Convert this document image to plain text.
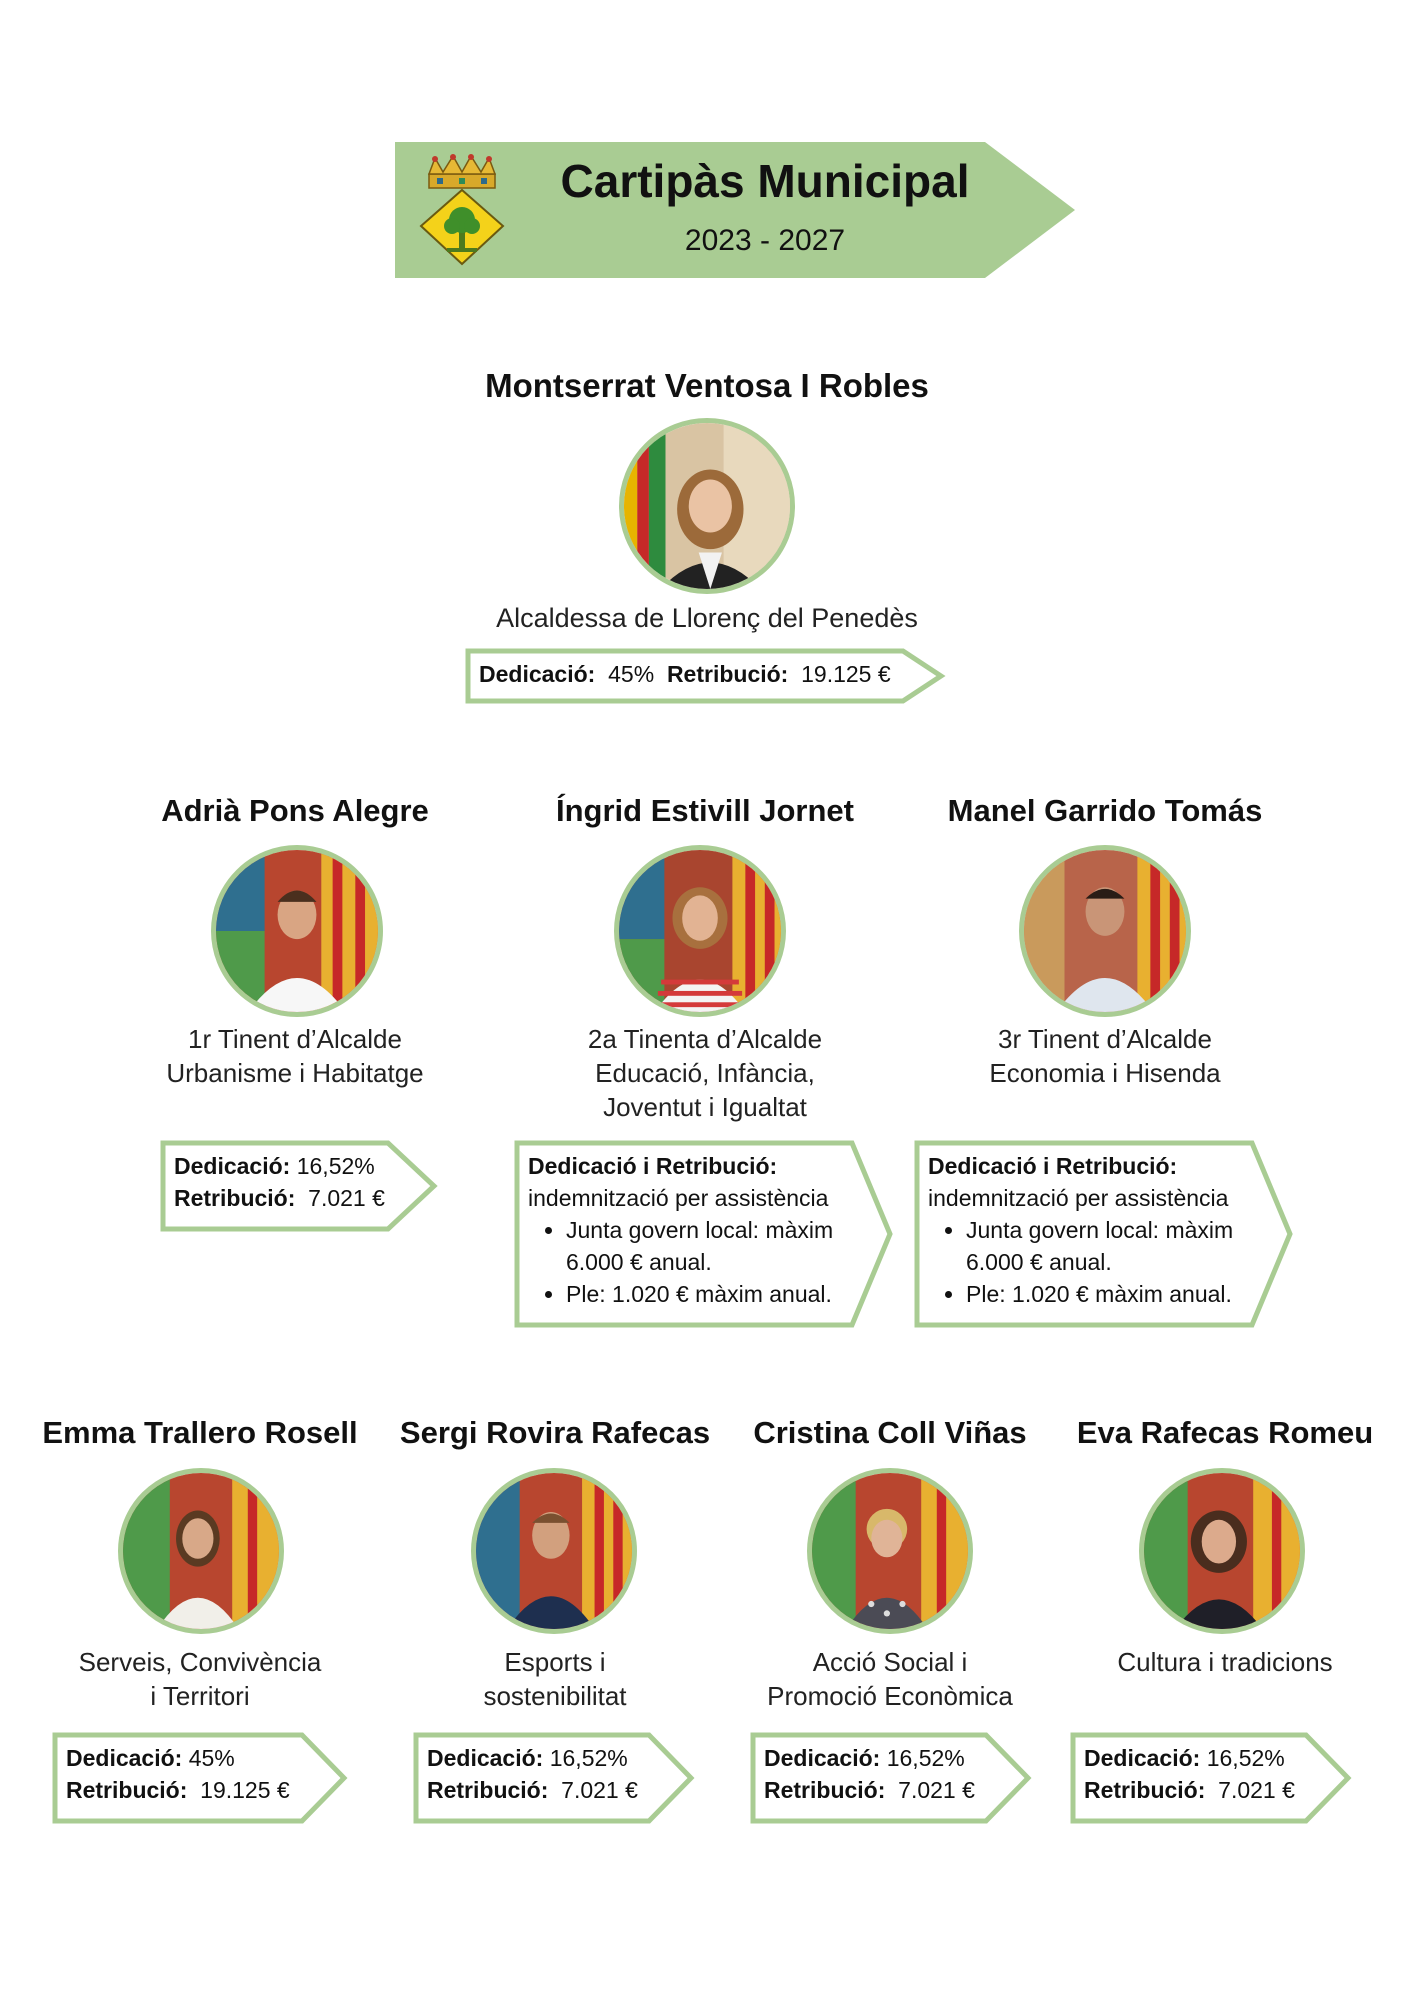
Cartipàs Municipal
2023 - 2027
Montserrat Ventosa I Robles
Alcaldessa de Llorenç del Penedès
Dedicació: 45% Retribució: 19.125 €
Adrià Pons Alegre
1r Tinent d’Alcalde
Urbanisme i Habitatge
Dedicació: 16,52%
Retribució: 7.021 €
Íngrid Estivill Jornet
2a Tinenta d’Alcalde
Educació, Infància,
Joventut i Igualtat
Dedicació i Retribució:
indemnització per assistència
• Junta govern local: màxim
6.000 € anual.
• Ple: 1.020 € màxim anual.
Manel Garrido Tomás
3r Tinent d’Alcalde
Economia i Hisenda
Dedicació i Retribució:
indemnització per assistència
• Junta govern local: màxim
6.000 € anual.
• Ple: 1.020 € màxim anual.
Emma Trallero Rosell
Serveis, Convivència
i Territori
Dedicació: 45%
Retribució: 19.125 €
Sergi Rovira Rafecas
Esports i
sostenibilitat
Dedicació: 16,52%
Retribució: 7.021 €
Cristina Coll Viñas
Acció Social i
Promoció Econòmica
Dedicació: 16,52%
Retribució: 7.021 €
Eva Rafecas Romeu
Cultura i tradicions
Dedicació: 16,52%
Retribució: 7.021 €
